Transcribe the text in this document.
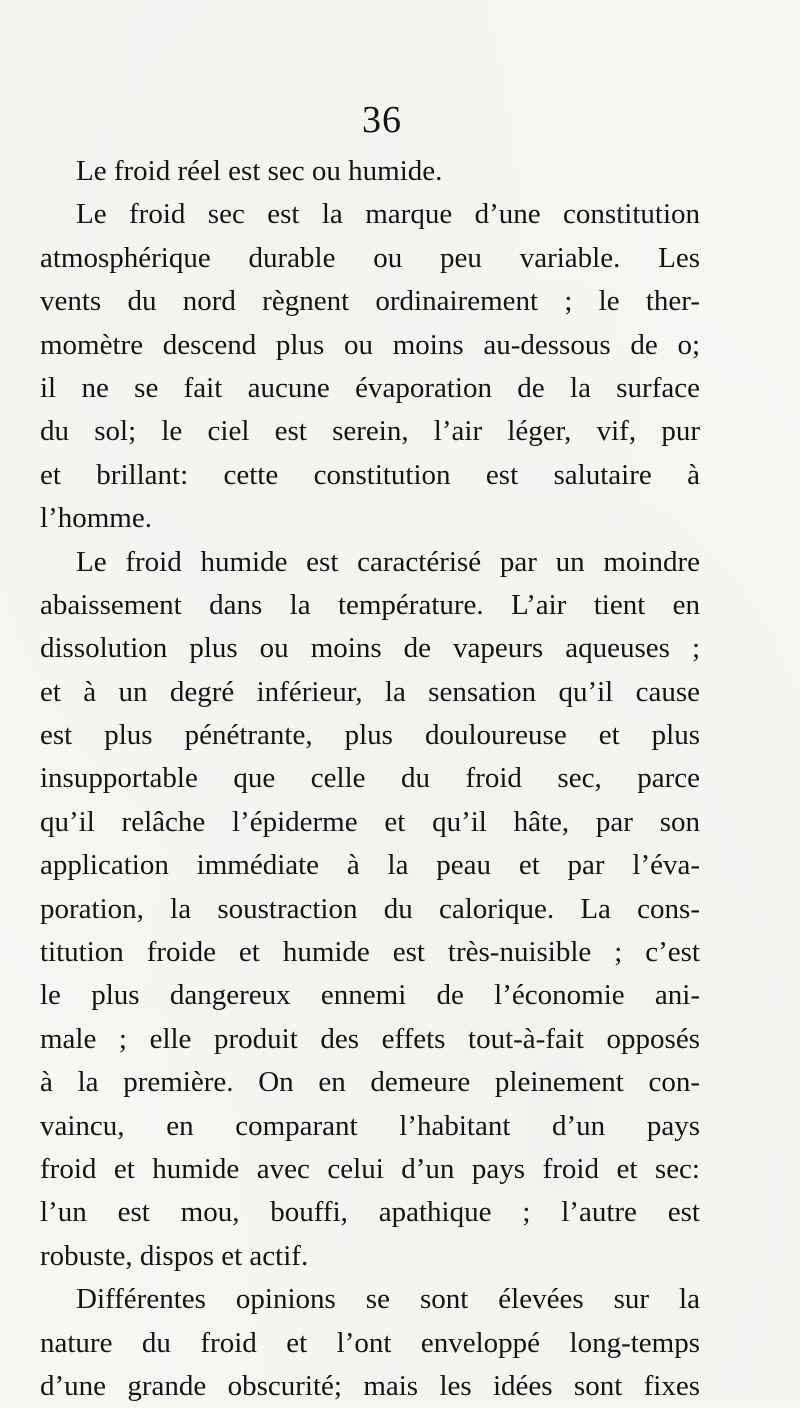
36
Le froid réel est sec ou humide.
Le froid sec est la marque d’une constitution
atmosphérique durable ou peu variable. Les
vents du nord règnent ordinairement ; le ther-
momètre descend plus ou moins au-dessous de o;
il ne se fait aucune évaporation de la surface
du sol; le ciel est serein, l’air léger, vif, pur
et brillant: cette constitution est salutaire à
l’homme.
Le froid humide est caractérisé par un moindre
abaissement dans la température. L’air tient en
dissolution plus ou moins de vapeurs aqueuses ;
et à un degré inférieur, la sensation qu’il cause
est plus pénétrante, plus douloureuse et plus
insupportable que celle du froid sec, parce
qu’il relâche l’épiderme et qu’il hâte, par son
application immédiate à la peau et par l’éva-
poration, la soustraction du calorique. La cons-
titution froide et humide est très-nuisible ; c’est
le plus dangereux ennemi de l’économie ani-
male ; elle produit des effets tout-à-fait opposés
à la première. On en demeure pleinement con-
vaincu, en comparant l’habitant d’un pays
froid et humide avec celui d’un pays froid et sec:
l’un est mou, bouffi, apathique ; l’autre est
robuste, dispos et actif.
Différentes opinions se sont élevées sur la
nature du froid et l’ont enveloppé long-temps
d’une grande obscurité; mais les idées sont fixes
